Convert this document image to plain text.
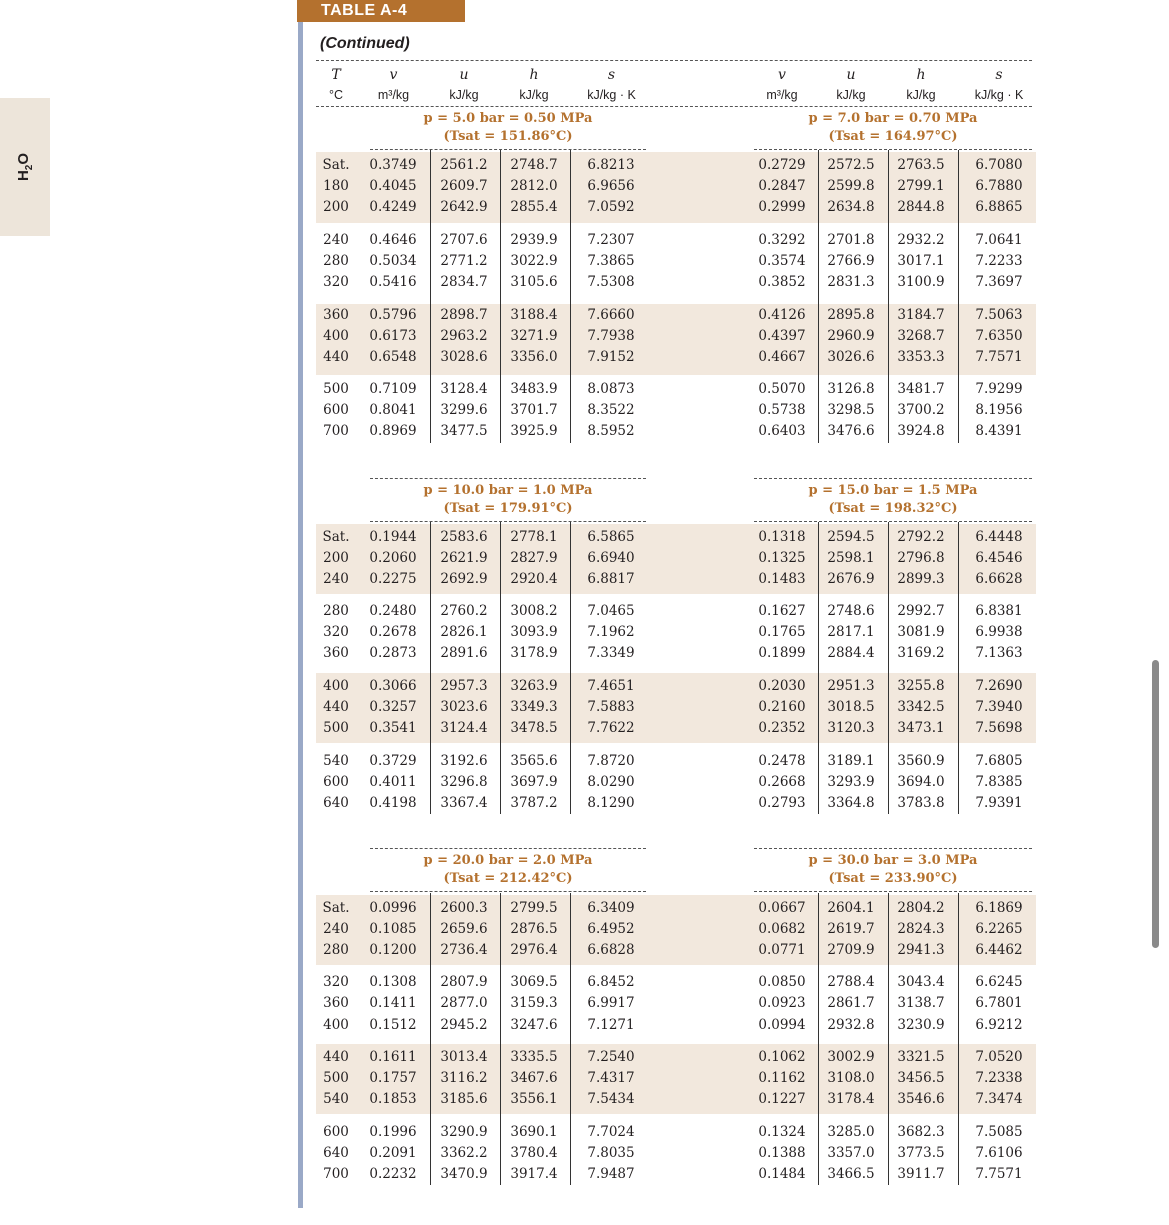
$H_2O$
TABLE A-4
(Continued)
T
°C
v
m³/kg
u
kJ/kg
h
kJ/kg
s
kJ/kg · K
v
m³/kg
u
kJ/kg
h
kJ/kg
s
kJ/kg · K
p = 5.0 bar = 0.50 MPa
(Tsat = 151.86°C)
p = 7.0 bar = 0.70 MPa
(Tsat = 164.97°C)
Sat.	0.3749	2561.2	2748.7	6.8213	0.2729	2572.5	2763.5	6.7080
180	0.4045	2609.7	2812.0	6.9656	0.2847	2599.8	2799.1	6.7880
200	0.4249	2642.9	2855.4	7.0592	0.2999	2634.8	2844.8	6.8865
240	0.4646	2707.6	2939.9	7.2307	0.3292	2701.8	2932.2	7.0641
280	0.5034	2771.2	3022.9	7.3865	0.3574	2766.9	3017.1	7.2233
320	0.5416	2834.7	3105.6	7.5308	0.3852	2831.3	3100.9	7.3697
360	0.5796	2898.7	3188.4	7.6660	0.4126	2895.8	3184.7	7.5063
400	0.6173	2963.2	3271.9	7.7938	0.4397	2960.9	3268.7	7.6350
440	0.6548	3028.6	3356.0	7.9152	0.4667	3026.6	3353.3	7.7571
500	0.7109	3128.4	3483.9	8.0873	0.5070	3126.8	3481.7	7.9299
600	0.8041	3299.6	3701.7	8.3522	0.5738	3298.5	3700.2	8.1956
700	0.8969	3477.5	3925.9	8.5952	0.6403	3476.6	3924.8	8.4391
p = 10.0 bar = 1.0 MPa
(Tsat = 179.91°C)
p = 15.0 bar = 1.5 MPa
(Tsat = 198.32°C)
Sat.	0.1944	2583.6	2778.1	6.5865	0.1318	2594.5	2792.2	6.4448
200	0.2060	2621.9	2827.9	6.6940	0.1325	2598.1	2796.8	6.4546
240	0.2275	2692.9	2920.4	6.8817	0.1483	2676.9	2899.3	6.6628
280	0.2480	2760.2	3008.2	7.0465	0.1627	2748.6	2992.7	6.8381
320	0.2678	2826.1	3093.9	7.1962	0.1765	2817.1	3081.9	6.9938
360	0.2873	2891.6	3178.9	7.3349	0.1899	2884.4	3169.2	7.1363
400	0.3066	2957.3	3263.9	7.4651	0.2030	2951.3	3255.8	7.2690
440	0.3257	3023.6	3349.3	7.5883	0.2160	3018.5	3342.5	7.3940
500	0.3541	3124.4	3478.5	7.7622	0.2352	3120.3	3473.1	7.5698
540	0.3729	3192.6	3565.6	7.8720	0.2478	3189.1	3560.9	7.6805
600	0.4011	3296.8	3697.9	8.0290	0.2668	3293.9	3694.0	7.8385
640	0.4198	3367.4	3787.2	8.1290	0.2793	3364.8	3783.8	7.9391
p = 20.0 bar = 2.0 MPa
(Tsat = 212.42°C)
p = 30.0 bar = 3.0 MPa
(Tsat = 233.90°C)
Sat.	0.0996	2600.3	2799.5	6.3409	0.0667	2604.1	2804.2	6.1869
240	0.1085	2659.6	2876.5	6.4952	0.0682	2619.7	2824.3	6.2265
280	0.1200	2736.4	2976.4	6.6828	0.0771	2709.9	2941.3	6.4462
320	0.1308	2807.9	3069.5	6.8452	0.0850	2788.4	3043.4	6.6245
360	0.1411	2877.0	3159.3	6.9917	0.0923	2861.7	3138.7	6.7801
400	0.1512	2945.2	3247.6	7.1271	0.0994	2932.8	3230.9	6.9212
440	0.1611	3013.4	3335.5	7.2540	0.1062	3002.9	3321.5	7.0520
500	0.1757	3116.2	3467.6	7.4317	0.1162	3108.0	3456.5	7.2338
540	0.1853	3185.6	3556.1	7.5434	0.1227	3178.4	3546.6	7.3474
600	0.1996	3290.9	3690.1	7.7024	0.1324	3285.0	3682.3	7.5085
640	0.2091	3362.2	3780.4	7.8035	0.1388	3357.0	3773.5	7.6106
700	0.2232	3470.9	3917.4	7.9487	0.1484	3466.5	3911.7	7.7571
